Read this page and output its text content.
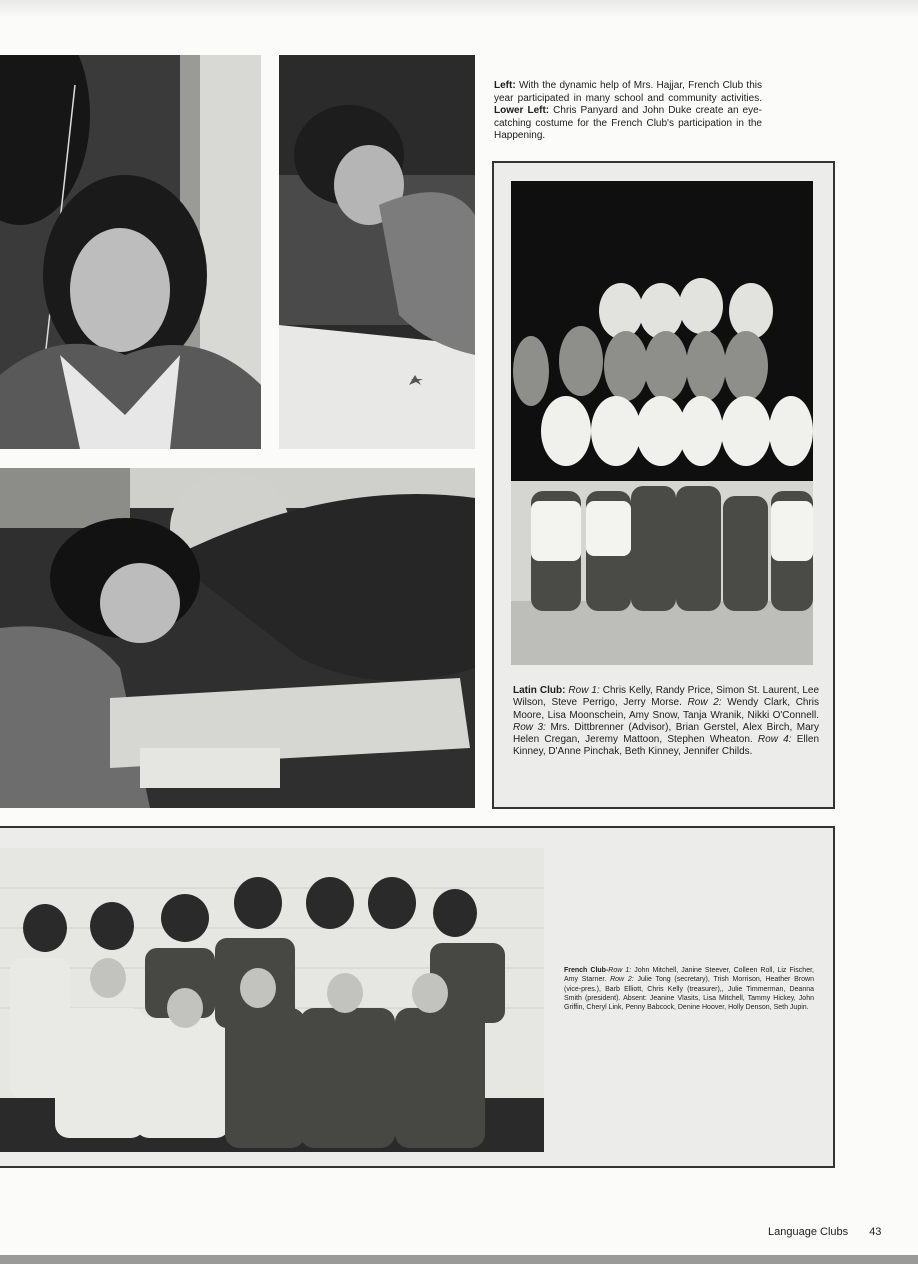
Left: With the dynamic help of Mrs. Hajjar, French Club this year participated in many school and community activities. Lower Left: Chris Panyard and John Duke create an eye-catching costume for the French Club's participation in the Happening.
Latin Club: Row 1: Chris Kelly, Randy Price, Simon St. Laurent, Lee Wilson, Steve Perrigo, Jerry Morse. Row 2: Wendy Clark, Chris Moore, Lisa Moonschein, Amy Snow, Tanja Wranik, Nikki O'Connell. Row 3: Mrs. Dittbrenner (Advisor), Brian Gerstel, Alex Birch, Mary Helen Cregan, Jeremy Mattoon, Stephen Wheaton. Row 4: Ellen Kinney, D'Anne Pinchak, Beth Kinney, Jennifer Childs.
French Club-Row 1: John Mitchell, Janine Steever, Colleen Roll, Liz Fischer, Amy Starner. Row 2: Julie Tong (secretary), Trish Morrison, Heather Brown (vice-pres.), Barb Elliott, Chris Kelly (treasurer),, Julie Timmerman, Deanna Smith (president). Absent: Jeanine Vlasits, Lisa Mitchell, Tammy Hickey, John Griffin, Cheryl Link, Penny Babcock, Denine Hoover, Holly Denson, Seth Jupin.
Language Clubs 43
